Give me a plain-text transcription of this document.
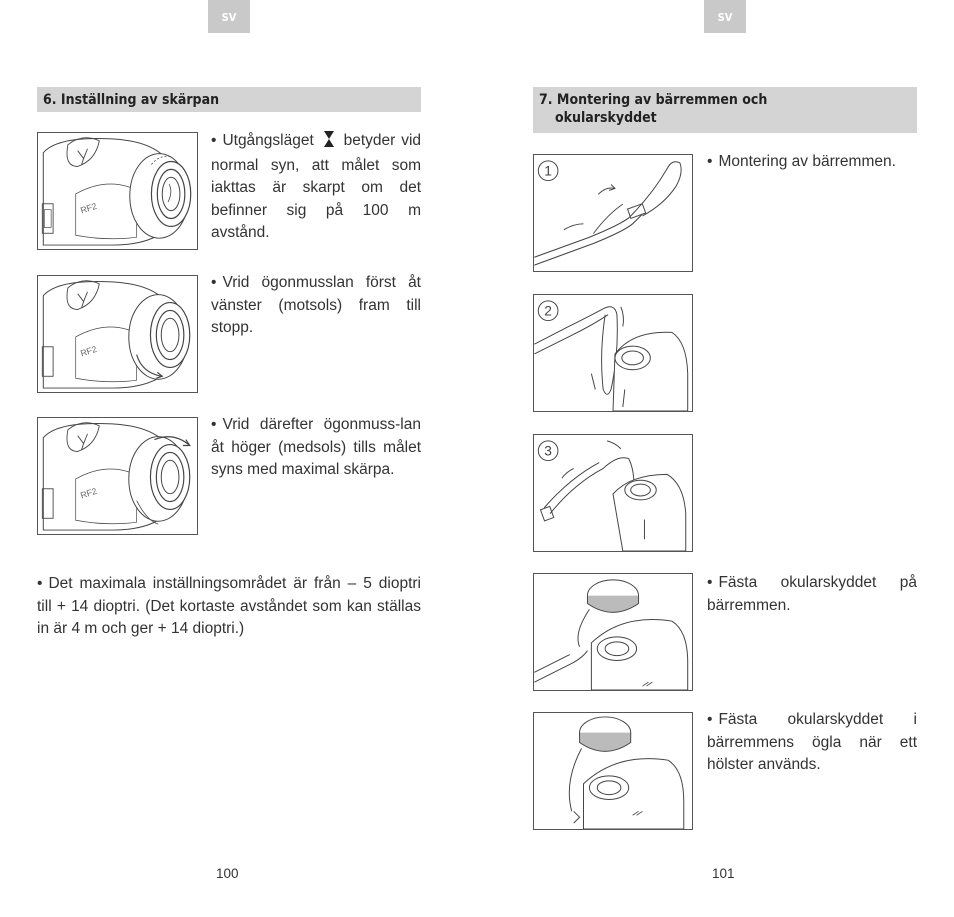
SV	SV
6. Inställning av skärpan	7. Montering av bärremmen och
okularskyddet
RF2
RF2
RF2
• Utgångsläget betyder vid normal syn, att målet som iakttas är skarpt om det befinner sig på 100 m avstånd.
• Vrid ögonmusslan först åt vänster (motsols) fram till stopp.
• Vrid därefter ögonmuss-lan åt höger (medsols) tills målet syns med maximal skärpa.
• Det maximala inställningsområdet är från – 5 dioptri till + 14 dioptri. (Det kortaste avståndet som kan ställas in är 4 m och ger + 14 dioptri.)
1
2
3
• Montering av bärremmen.
• Fästa okularskyddet på bärremmen.
• Fästa okularskyddet i bärremmens ögla när ett hölster används.
100	101
